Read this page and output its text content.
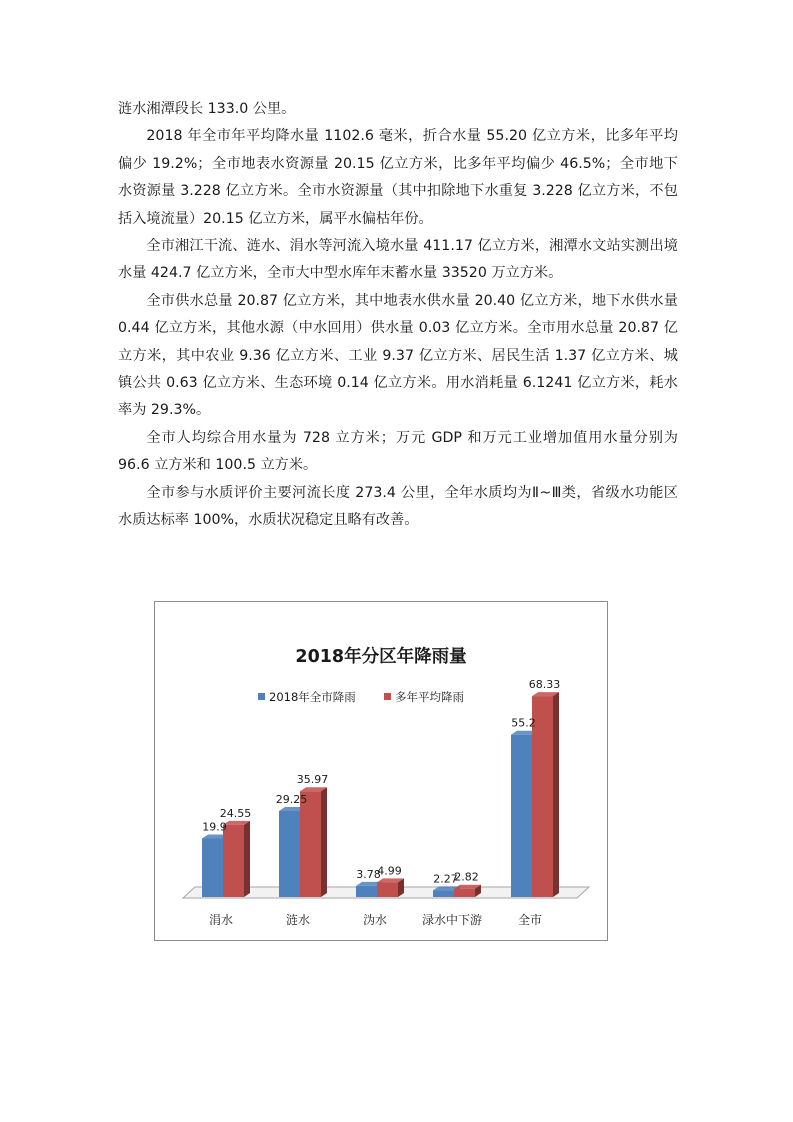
涟水湘潭段长 133.0 公里。

2018 年全市年平均降水量 1102.6 毫米，折合水量 55.20 亿立方米，比多年平均偏少 19.2%；全市地表水资源量 20.15 亿立方米，比多年平均偏少 46.5%；全市地下水资源量 3.228 亿立方米。全市水资源量（其中扣除地下水重复 3.228 亿立方米，不包括入境流量）20.15 亿立方米，属平水偏枯年份。

全市湘江干流、涟水、涓水等河流入境水量 411.17 亿立方米，湘潭水文站实测出境水量 424.7 亿立方米，全市大中型水库年末蓄水量 33520 万立方米。

全市供水总量 20.87 亿立方米，其中地表水供水量 20.40 亿立方米，地下水供水量 0.44 亿立方米，其他水源（中水回用）供水量 0.03 亿立方米。全市用水总量 20.87 亿立方米，其中农业 9.36 亿立方米、工业 9.37 亿立方米、居民生活 1.37 亿立方米、城镇公共 0.63 亿立方米、生态环境 0.14 亿立方米。用水消耗量 6.1241 亿立方米，耗水率为 29.3%。

全市人均综合用水量为 728 立方米；万元 GDP 和万元工业增加值用水量分别为 96.6 立方米和 100.5 立方米。

全市参与水质评价主要河流长度 273.4 公里，全年水质均为Ⅱ~Ⅲ类，省级水功能区水质达标率 100%，水质状况稳定且略有改善。

2018年分区年降雨量
2018年全市降雨	多年平均降雨
19.9
24.55
29.25
35.97
3.78
4.99
2.27
2.82
55.2
68.33
涓水	涟水	沩水	渌水中下游	全市
